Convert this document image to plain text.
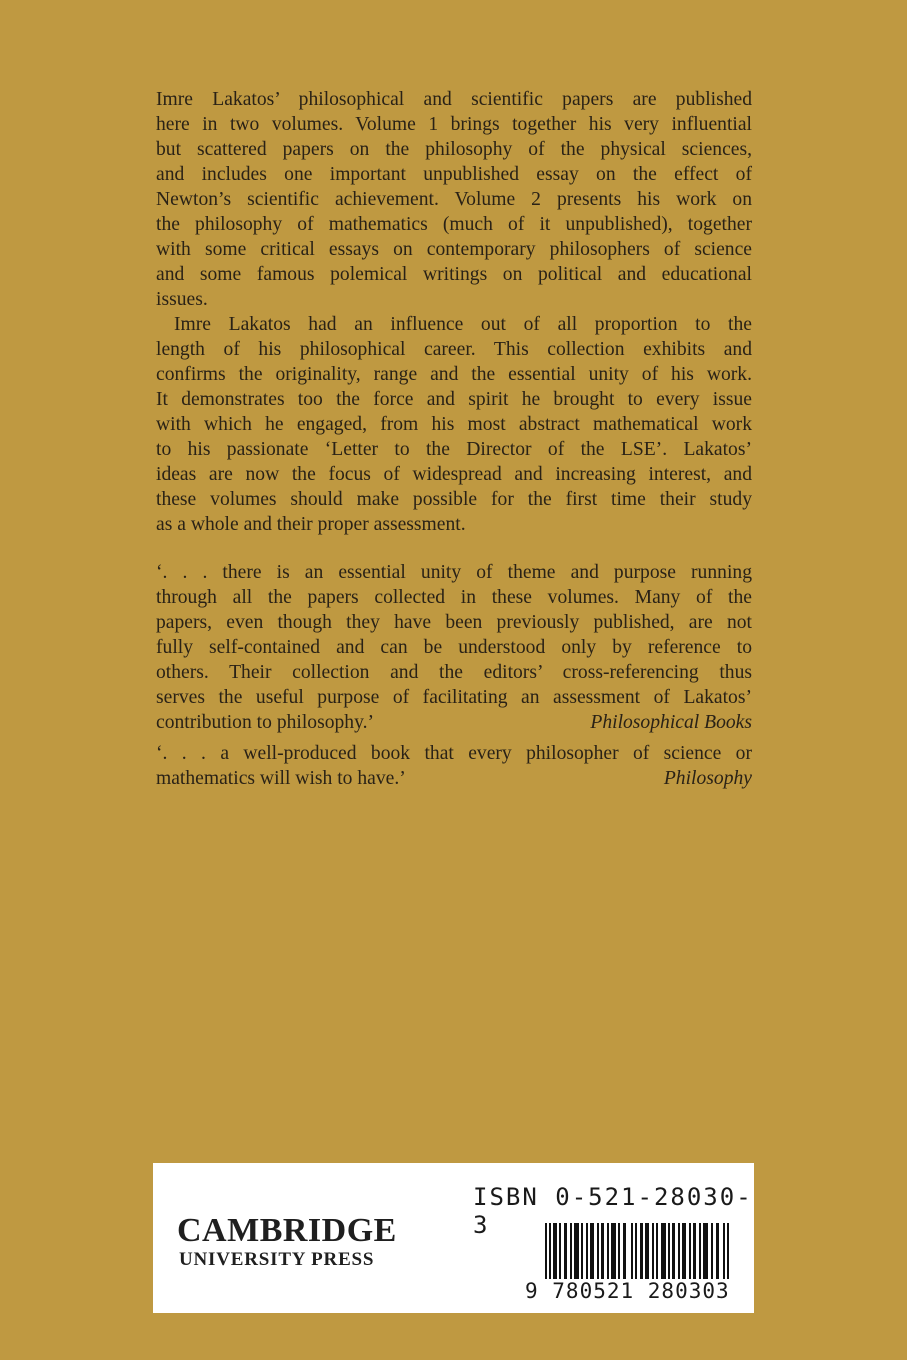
Imre Lakatos’ philosophical and scientific papers are published
here in two volumes. Volume 1 brings together his very influential
but scattered papers on the philosophy of the physical sciences,
and includes one important unpublished essay on the effect of
Newton’s scientific achievement. Volume 2 presents his work on
the philosophy of mathematics (much of it unpublished), together
with some critical essays on contemporary philosophers of science
and some famous polemical writings on political and educational
issues.
Imre Lakatos had an influence out of all proportion to the
length of his philosophical career. This collection exhibits and
confirms the originality, range and the essential unity of his work.
It demonstrates too the force and spirit he brought to every issue
with which he engaged, from his most abstract mathematical work
to his passionate ‘Letter to the Director of the LSE’. Lakatos’
ideas are now the focus of widespread and increasing interest, and
these volumes should make possible for the first time their study
as a whole and their proper assessment.
‘. . . there is an essential unity of theme and purpose running
through all the papers collected in these volumes. Many of the
papers, even though they have been previously published, are not
fully self-contained and can be understood only by reference to
others. Their collection and the editors’ cross-referencing thus
serves the useful purpose of facilitating an assessment of Lakatos’
contribution to philosophy.’	Philosophical Books
‘. . . a well-produced book that every philosopher of science or
mathematics will wish to have.’	Philosophy
CAMBRIDGE
UNIVERSITY PRESS
ISBN 0-521-28030-3
9 780521 280303
